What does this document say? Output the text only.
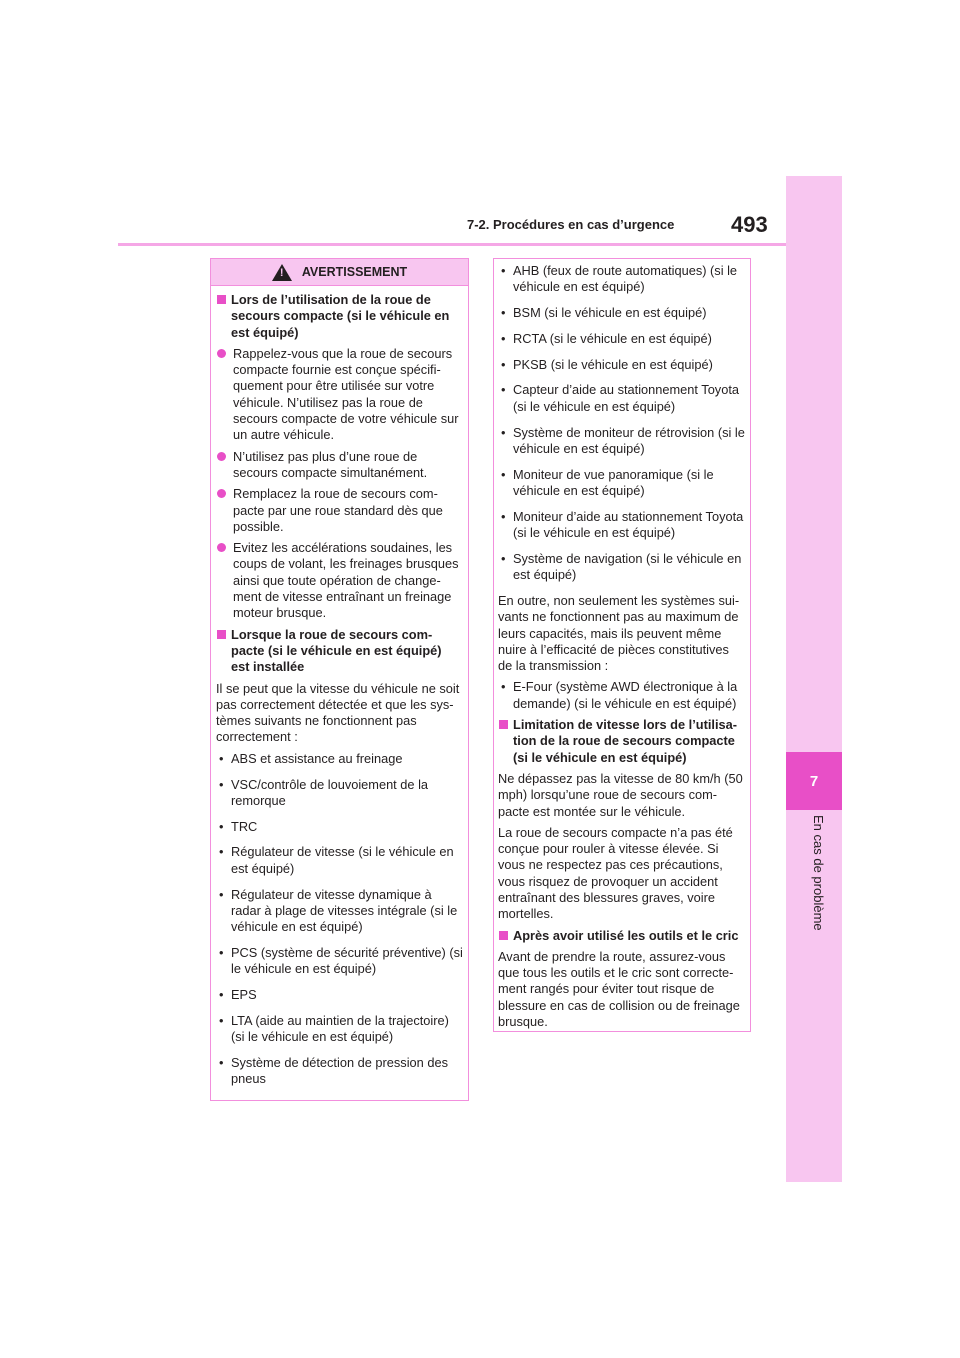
7
En cas de problème
7-2. Procédures en cas d’urgence	493
! AVERTISSEMENT
Lors de l’utilisation de la roue de secours compacte (si le véhicule en est équipé)
Rappelez-vous que la roue de secours compacte fournie est conçue spécifi-quement pour être utilisée sur votre véhicule. N’utilisez pas la roue de secours compacte de votre véhicule sur un autre véhicule.
N’utilisez pas plus d’une roue de secours compacte simultanément.
Remplacez la roue de secours com-pacte par une roue standard dès que possible.
Evitez les accélérations soudaines, les coups de volant, les freinages brusques ainsi que toute opération de change-ment de vitesse entraînant un freinage moteur brusque.
Lorsque la roue de secours com-pacte (si le véhicule en est équipé) est installée
Il se peut que la vitesse du véhicule ne soit pas correctement détectée et que les sys-tèmes suivants ne fonctionnent pas correctement :
• ABS et assistance au freinage
• VSC/contrôle de louvoiement de la remorque
• TRC
• Régulateur de vitesse (si le véhicule en est équipé)
• Régulateur de vitesse dynamique à radar à plage de vitesses intégrale (si le véhicule en est équipé)
• PCS (système de sécurité préventive) (si le véhicule en est équipé)
• EPS
• LTA (aide au maintien de la trajectoire) (si le véhicule en est équipé)
• Système de détection de pression des pneus
• AHB (feux de route automatiques) (si le véhicule en est équipé)
• BSM (si le véhicule en est équipé)
• RCTA (si le véhicule en est équipé)
• PKSB (si le véhicule en est équipé)
• Capteur d’aide au stationnement Toyota (si le véhicule en est équipé)
• Système de moniteur de rétrovision (si le véhicule en est équipé)
• Moniteur de vue panoramique (si le véhicule en est équipé)
• Moniteur d’aide au stationnement Toyota (si le véhicule en est équipé)
• Système de navigation (si le véhicule en est équipé)
En outre, non seulement les systèmes sui-vants ne fonctionnent pas au maximum de leurs capacités, mais ils peuvent même nuire à l’efficacité de pièces constitutives de la transmission :
• E-Four (système AWD électronique à la demande) (si le véhicule en est équipé)
Limitation de vitesse lors de l’utilisa-tion de la roue de secours compacte (si le véhicule en est équipé)
Ne dépassez pas la vitesse de 80 km/h (50 mph) lorsqu’une roue de secours com-pacte est montée sur le véhicule.
La roue de secours compacte n’a pas été conçue pour rouler à vitesse élevée. Si vous ne respectez pas ces précautions, vous risquez de provoquer un accident entraînant des blessures graves, voire mortelles.
Après avoir utilisé les outils et le cric
Avant de prendre la route, assurez-vous que tous les outils et le cric sont correcte-ment rangés pour éviter tout risque de blessure en cas de collision ou de freinage brusque.
